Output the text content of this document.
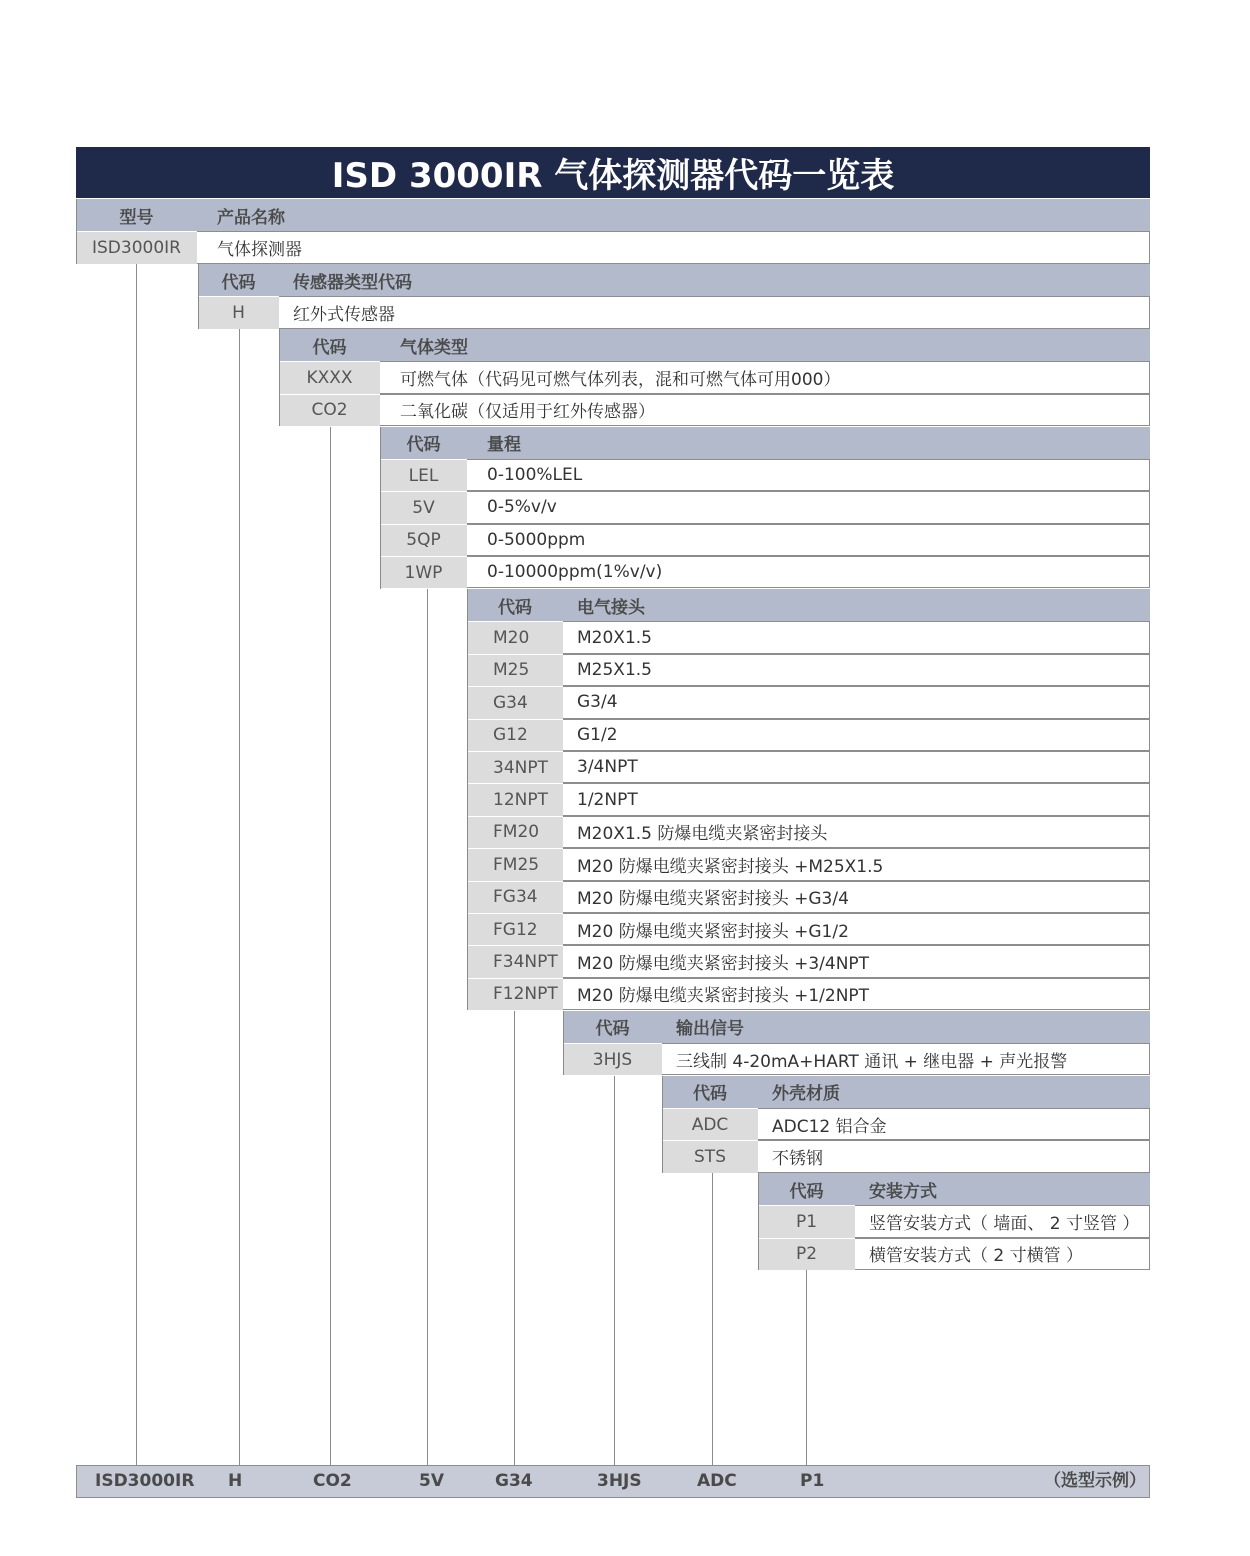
ISD 3000IR 气体探测器代码一览表
型号	产品名称
ISD3000IR	气体探测器
代码	传感器类型代码
H	红外式传感器
代码	气体类型
KXXX	可燃气体（代码见可燃气体列表，混和可燃气体可用000）
CO2	二氧化碳（仅适用于红外传感器）
代码	量程
LEL	0-100%LEL
5V	0-5%v/v
5QP	0-5000ppm
1WP	0-10000ppm(1%v/v)
代码	电气接头
M20	M20X1.5
M25	M25X1.5
G34	G3/4
G12	G1/2
34NPT	3/4NPT
12NPT	1/2NPT
FM20	M20X1.5 防爆电缆夹紧密封接头
FM25	M20 防爆电缆夹紧密封接头 +M25X1.5
FG34	M20 防爆电缆夹紧密封接头 +G3/4
FG12	M20 防爆电缆夹紧密封接头 +G1/2
F34NPT	M20 防爆电缆夹紧密封接头 +3/4NPT
F12NPT	M20 防爆电缆夹紧密封接头 +1/2NPT
代码	输出信号
3HJS	三线制 4-20mA+HART 通讯 + 继电器 + 声光报警
代码	外壳材质
ADC	ADC12 铝合金
STS	不锈钢
代码	安装方式
P1	竖管安装方式（ 墙面、 2 寸竖管 ）
P2	横管安装方式（ 2 寸横管 ）
ISD3000IR H	CO2	5V	G34	3HJS	ADC	P1	（选型示例）
